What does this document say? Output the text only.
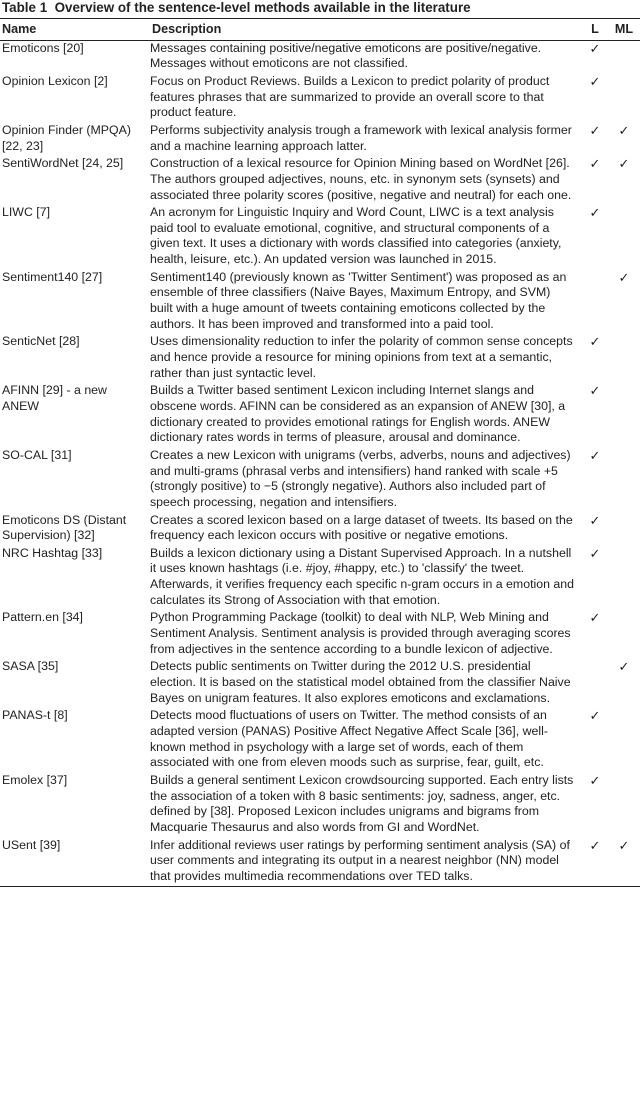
Table 1 Overview of the sentence-level methods available in the literature
Name	Description	L	ML
Emoticons [20]	Messages containing positive/negative emoticons are positive/negative. Messages without emoticons are not classified.	✓	
Opinion Lexicon [2]	Focus on Product Reviews. Builds a Lexicon to predict polarity of product features phrases that are summarized to provide an overall score to that product feature.	✓	
Opinion Finder (MPQA) [22, 23]	Performs subjectivity analysis trough a framework with lexical analysis former and a machine learning approach latter.	✓	✓
SentiWordNet [24, 25]	Construction of a lexical resource for Opinion Mining based on WordNet [26]. The authors grouped adjectives, nouns, etc. in synonym sets (synsets) and associated three polarity scores (positive, negative and neutral) for each one.	✓	✓
LIWC [7]	An acronym for Linguistic Inquiry and Word Count, LIWC is a text analysis paid tool to evaluate emotional, cognitive, and structural components of a given text. It uses a dictionary with words classified into categories (anxiety, health, leisure, etc.). An updated version was launched in 2015.	✓	
Sentiment140 [27]	Sentiment140 (previously known as 'Twitter Sentiment') was proposed as an ensemble of three classifiers (Naive Bayes, Maximum Entropy, and SVM) built with a huge amount of tweets containing emoticons collected by the authors. It has been improved and transformed into a paid tool.		✓
SenticNet [28]	Uses dimensionality reduction to infer the polarity of common sense concepts and hence provide a resource for mining opinions from text at a semantic, rather than just syntactic level.	✓	
AFINN [29] - a new ANEW	Builds a Twitter based sentiment Lexicon including Internet slangs and obscene words. AFINN can be considered as an expansion of ANEW [30], a dictionary created to provides emotional ratings for English words. ANEW dictionary rates words in terms of pleasure, arousal and dominance.	✓	
SO-CAL [31]	Creates a new Lexicon with unigrams (verbs, adverbs, nouns and adjectives) and multi-grams (phrasal verbs and intensifiers) hand ranked with scale +5 (strongly positive) to −5 (strongly negative). Authors also included part of speech processing, negation and intensifiers.	✓	
Emoticons DS (Distant Supervision) [32]	Creates a scored lexicon based on a large dataset of tweets. Its based on the frequency each lexicon occurs with positive or negative emotions.	✓	
NRC Hashtag [33]	Builds a lexicon dictionary using a Distant Supervised Approach. In a nutshell it uses known hashtags (i.e. #joy, #happy, etc.) to 'classify' the tweet. Afterwards, it verifies frequency each specific n-gram occurs in a emotion and calculates its Strong of Association with that emotion.	✓	
Pattern.en [34]	Python Programming Package (toolkit) to deal with NLP, Web Mining and Sentiment Analysis. Sentiment analysis is provided through averaging scores from adjectives in the sentence according to a bundle lexicon of adjective.	✓	
SASA [35]	Detects public sentiments on Twitter during the 2012 U.S. presidential election. It is based on the statistical model obtained from the classifier Naive Bayes on unigram features. It also explores emoticons and exclamations.		✓
PANAS-t [8]	Detects mood fluctuations of users on Twitter. The method consists of an adapted version (PANAS) Positive Affect Negative Affect Scale [36], well-known method in psychology with a large set of words, each of them associated with one from eleven moods such as surprise, fear, guilt, etc.	✓	
Emolex [37]	Builds a general sentiment Lexicon crowdsourcing supported. Each entry lists the association of a token with 8 basic sentiments: joy, sadness, anger, etc. defined by [38]. Proposed Lexicon includes unigrams and bigrams from Macquarie Thesaurus and also words from GI and WordNet.	✓	
USent [39]	Infer additional reviews user ratings by performing sentiment analysis (SA) of user comments and integrating its output in a nearest neighbor (NN) model that provides multimedia recommendations over TED talks.	✓	✓
